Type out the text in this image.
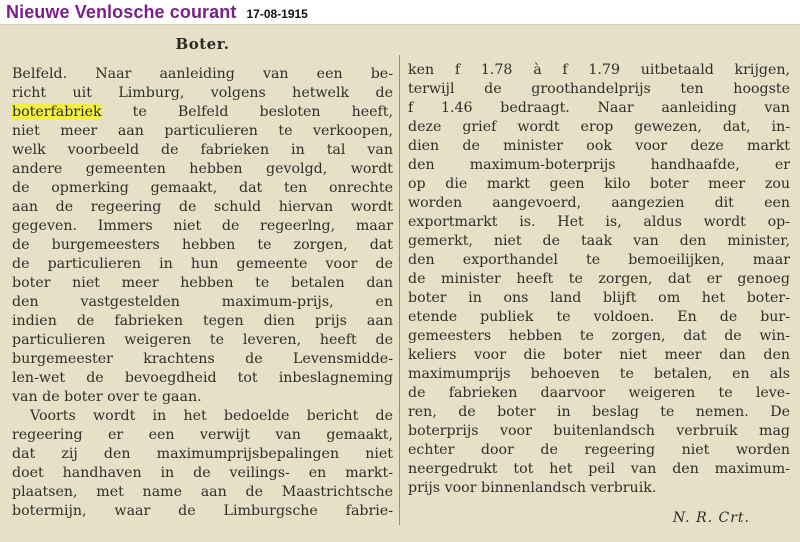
Nieuwe Venlosche courant 17-08-1915
Boter.
Belfeld. Naar aanleiding van een be-
richt uit Limburg, volgens hetwelk de
boterfabriek te Belfeld besloten heeft,
niet meer aan particulieren te verkoopen,
welk voorbeeld de fabrieken in tal van
andere gemeenten hebben gevolgd, wordt
de opmerking gemaakt, dat ten onrechte
aan de regeering de schuld hiervan wordt
gegeven. Immers niet de regeerlng, maar
de burgemeesters hebben te zorgen, dat
de particulieren in hun gemeente voor de
boter niet meer hebben te betalen dan
den vastgestelden maximum-prijs, en
indien de fabrieken tegen dien prijs aan
particulieren weigeren te leveren, heeft de
burgemeester krachtens de Levensmidde-
len-wet de bevoegdheid tot inbeslagneming
van de boter over te gaan.
Voorts wordt in het bedoelde bericht de
regeering er een verwijt van gemaakt,
dat zij den maximumprijsbepalingen niet
doet handhaven in de veilings- en markt-
plaatsen, met name aan de Maastrichtsche
botermijn, waar de Limburgsche fabrie-
ken f 1.78 à f 1.79 uitbetaald krijgen,
terwijl de groothandelprijs ten hoogste
f 1.46 bedraagt. Naar aanleiding van
deze grief wordt erop gewezen, dat, in-
dien de minister ook voor deze markt
den maximum-boterprijs handhaafde, er
op die markt geen kilo boter meer zou
worden aangevoerd, aangezien dit een
exportmarkt is. Het is, aldus wordt op-
gemerkt, niet de taak van den minister,
den exporthandel te bemoeilijken, maar
de minister heeft te zorgen, dat er genoeg
boter in ons land blijft om het boter-
etende publiek te voldoen. En de bur-
gemeesters hebben te zorgen, dat de win-
keliers voor die boter niet meer dan den
maximumprijs behoeven te betalen, en als
de fabrieken daarvoor weigeren te leve-
ren, de boter in beslag te nemen. De
boterprijs voor buitenlandsch verbruik mag
echter door de regeering niet worden
neergedrukt tot het peil van den maximum-
prijs voor binnenlandsch verbruik.
N. R. Crt.
